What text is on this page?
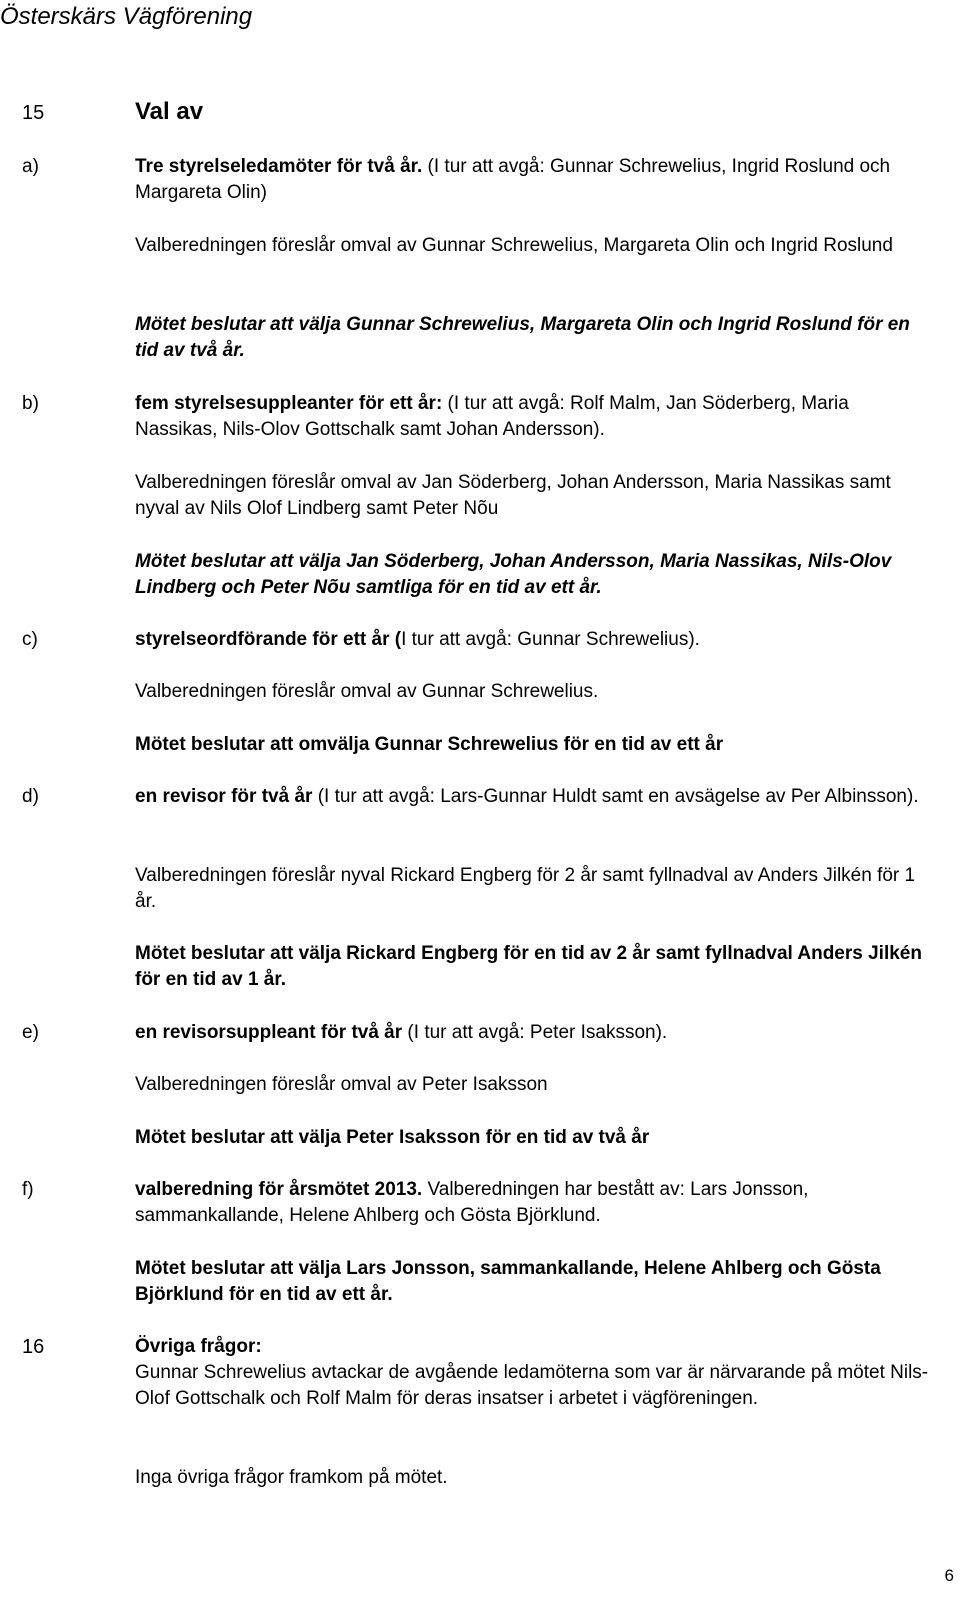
Österskärs Vägförening
15	Val av
a)	Tre styrelseledamöter för två år. (I tur att avgå: Gunnar Schrewelius, Ingrid Roslund och Margareta Olin)
Valberedningen föreslår omval av Gunnar Schrewelius, Margareta Olin och Ingrid Roslund
Mötet beslutar att välja Gunnar Schrewelius, Margareta Olin och Ingrid Roslund för en tid av två år.
b)	fem styrelsesuppleanter för ett år: (I tur att avgå: Rolf Malm, Jan Söderberg, Maria Nassikas, Nils-Olov Gottschalk samt Johan Andersson).
Valberedningen föreslår omval av Jan Söderberg, Johan Andersson, Maria Nassikas samt nyval av Nils Olof Lindberg samt Peter Nõu
Mötet beslutar att välja Jan Söderberg, Johan Andersson, Maria Nassikas, Nils-Olov Lindberg och Peter Nõu samtliga för en tid av ett år.
c)	styrelseordförande för ett år (I tur att avgå: Gunnar Schrewelius).
Valberedningen föreslår omval av Gunnar Schrewelius.
Mötet beslutar att omvälja Gunnar Schrewelius för en tid av ett år
d)	en revisor för två år (I tur att avgå: Lars-Gunnar Huldt samt en avsägelse av Per Albinsson).
Valberedningen föreslår nyval Rickard Engberg för 2 år samt fyllnadval av Anders Jilkén för 1 år.
Mötet beslutar att välja Rickard Engberg för en tid av 2 år samt fyllnadval Anders Jilkén för en tid av 1 år.
e)	en revisorsuppleant för två år (I tur att avgå: Peter Isaksson).
Valberedningen föreslår omval av Peter Isaksson
Mötet beslutar att välja Peter Isaksson för en tid av två år
f)	valberedning för årsmötet 2013. Valberedningen har bestått av: Lars Jonsson, sammankallande, Helene Ahlberg och Gösta Björklund.
Mötet beslutar att välja Lars Jonsson, sammankallande, Helene Ahlberg och Gösta Björklund för en tid av ett år.
16	Övriga frågor:
Gunnar Schrewelius avtackar de avgående ledamöterna som var är närvarande på mötet Nils-Olof Gottschalk och Rolf Malm för deras insatser i arbetet i vägföreningen.
Inga övriga frågor framkom på mötet.
6
